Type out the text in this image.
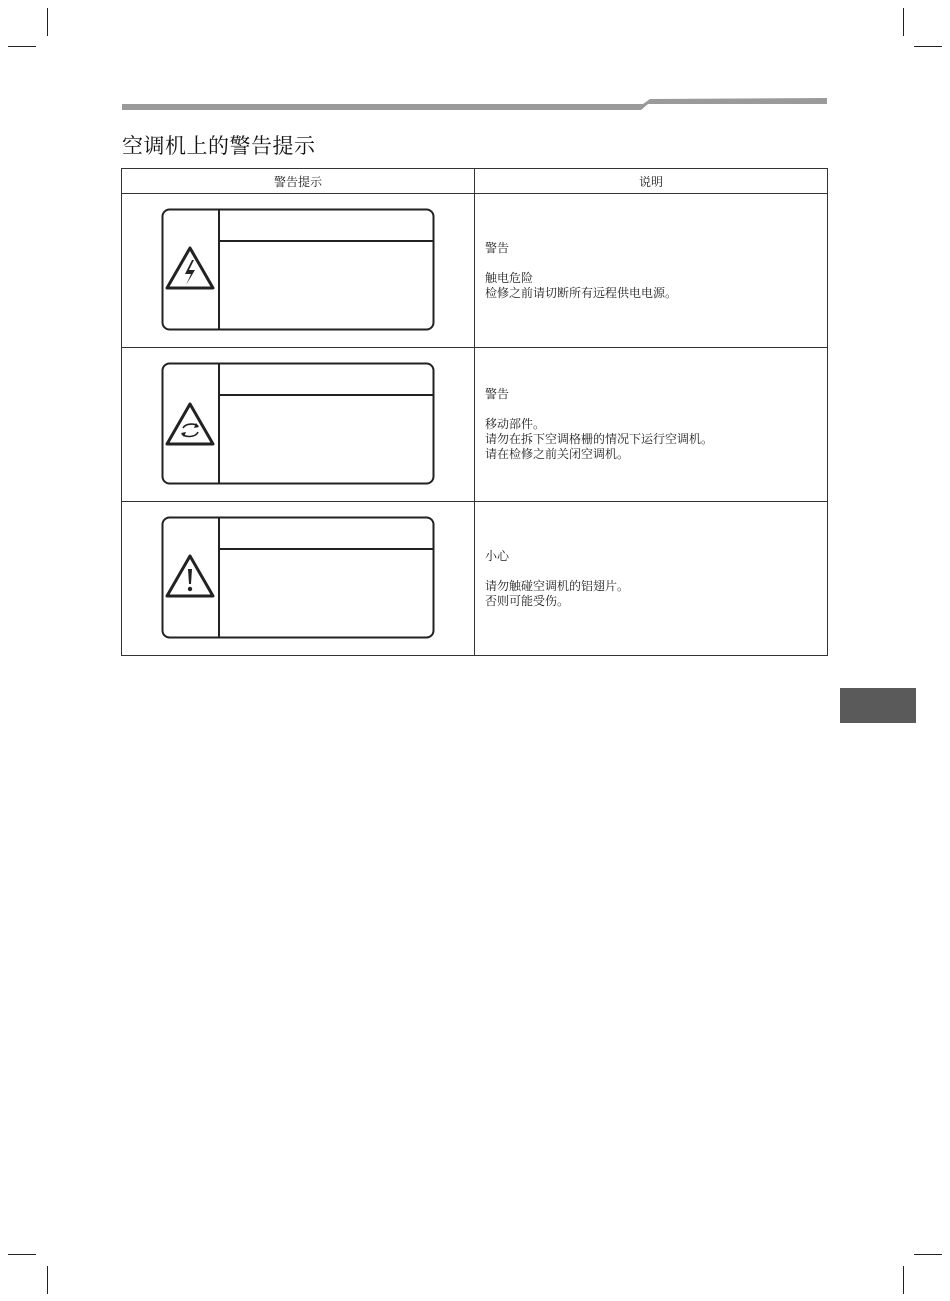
空调机上的警告提示
警告提示	说明

警告
触电危险
检修之前请切断所有远程供电电源。

警告
移动部件。
请勿在拆下空调格栅的情况下运行空调机。
请在检修之前关闭空调机。

小心
请勿触碰空调机的铝翅片。
否则可能受伤。
